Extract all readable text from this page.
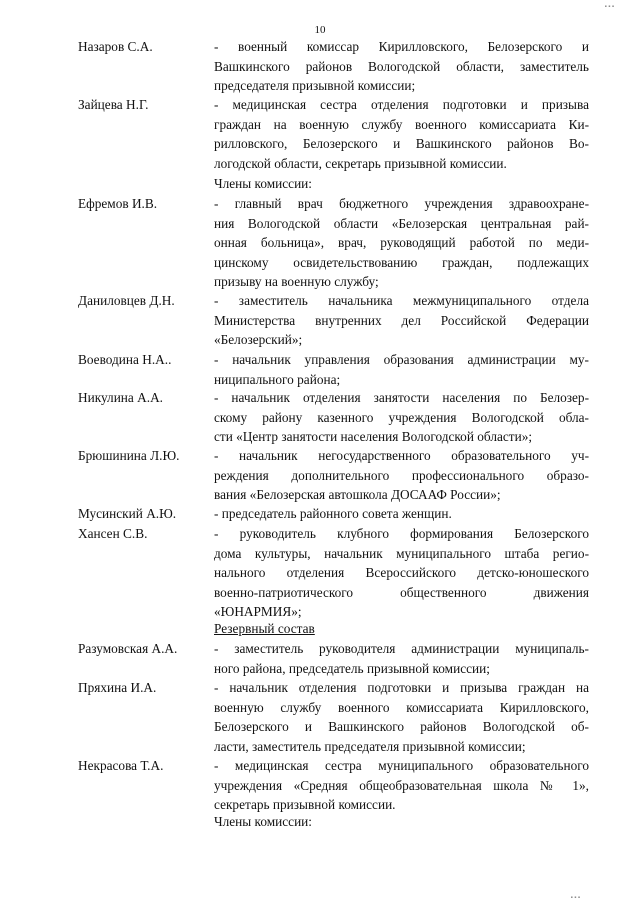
10
Назаров С.А.	- военный комиссар Кирилловского, Белозерского и
Вашкинского районов Вологодской области, заместитель
председателя призывной комиссии;
Зайцева Н.Г.	- медицинская сестра отделения подготовки и призыва
граждан на военную службу военного комиссариата Ки-
рилловского, Белозерского и Вашкинского районов Во-
логодской области, секретарь призывной комиссии.
Ефремов И.В.	- главный врач бюджетного учреждения здравоохране-
ния Вологодской области «Белозерская центральная рай-
онная больница», врач, руководящий работой по меди-
цинскому освидетельствованию граждан, подлежащих
призыву на военную службу;
Даниловцев Д.Н.	- заместитель начальника межмуниципального отдела
Министерства внутренних дел Российской Федерации
«Белозерский»;
Воеводина Н.А..	- начальник управления образования администрации му-
ниципального района;
Никулина А.А.	- начальник отделения занятости населения по Белозер-
скому району казенного учреждения Вологодской обла-
сти «Центр занятости населения Вологодской области»;
Брюшинина Л.Ю.	- начальник негосударственного образовательного уч-
реждения дополнительного профессионального образо-
вания «Белозерская автошкола ДОСААФ России»;
Мусинский А.Ю.	- председатель районного совета женщин.
Хансен С.В.	- руководитель клубного формирования Белозерского
дома культуры, начальник муниципального штаба регио-
нального отделения Всероссийского детско-юношеского
военно-патриотического общественного движения
«ЮНАРМИЯ»;
Разумовская А.А.	- заместитель руководителя администрации муниципаль-
ного района, председатель призывной комиссии;
Пряхина И.А.	- начальник отделения подготовки и призыва граждан на
военную службу военного комиссариата Кирилловского,
Белозерского и Вашкинского районов Вологодской об-
ласти, заместитель председателя призывной комиссии;
Некрасова Т.А.	- медицинская сестра муниципального образовательного
учреждения «Средняя общеобразовательная школа № 1»,
секретарь призывной комиссии.
Члены комиссии:
Резервный состав
Члены комиссии:
▪ ▪ ▪
▪ ▪ ▪
